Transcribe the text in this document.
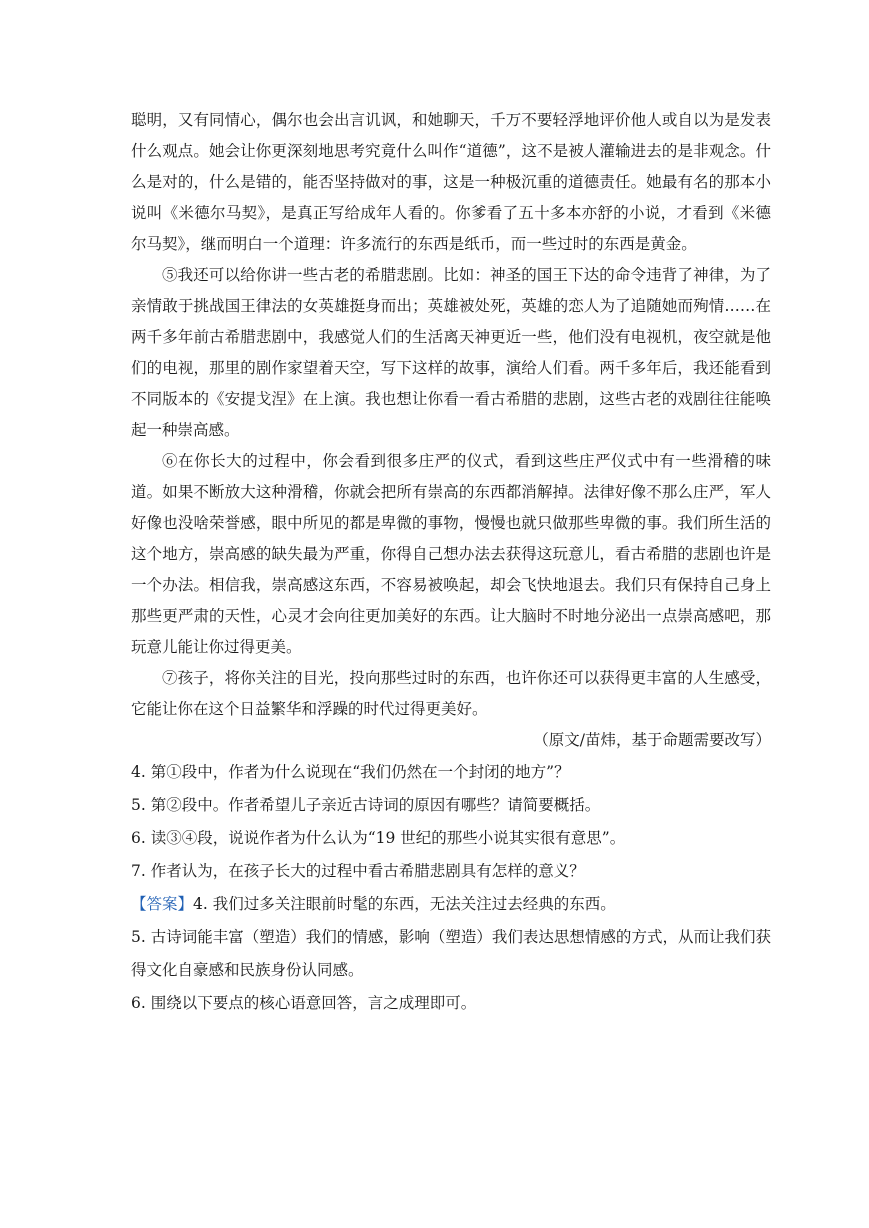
聪明，又有同情心，偶尔也会出言讥讽，和她聊天，千万不要轻浮地评价他人或自以为是发表什么观点。她会让你更深刻地思考究竟什么叫作“道德”，这不是被人灌输进去的是非观念。什么是对的，什么是错的，能否坚持做对的事，这是一种极沉重的道德责任。她最有名的那本小说叫《米德尔马契》，是真正写给成年人看的。你爹看了五十多本亦舒的小说，才看到《米德尔马契》，继而明白一个道理：许多流行的东西是纸币，而一些过时的东西是黄金。

⑤我还可以给你讲一些古老的希腊悲剧。比如：神圣的国王下达的命令违背了神律，为了亲情敢于挑战国王律法的女英雄挺身而出；英雄被处死，英雄的恋人为了追随她而殉情……在两千多年前古希腊悲剧中，我感觉人们的生活离天神更近一些，他们没有电视机，夜空就是他们的电视，那里的剧作家望着天空，写下这样的故事，演给人们看。两千多年后，我还能看到不同版本的《安提戈涅》在上演。我也想让你看一看古希腊的悲剧，这些古老的戏剧往往能唤起一种崇高感。

⑥在你长大的过程中，你会看到很多庄严的仪式，看到这些庄严仪式中有一些滑稽的味道。如果不断放大这种滑稽，你就会把所有崇高的东西都消解掉。法律好像不那么庄严，军人好像也没啥荣誉感，眼中所见的都是卑微的事物，慢慢也就只做那些卑微的事。我们所生活的这个地方，崇高感的缺失最为严重，你得自己想办法去获得这玩意儿，看古希腊的悲剧也许是一个办法。相信我，崇高感这东西，不容易被唤起，却会飞快地退去。我们只有保持自己身上那些更严肃的天性，心灵才会向往更加美好的东西。让大脑时不时地分泌出一点崇高感吧，那玩意儿能让你过得更美。

⑦孩子，将你关注的目光，投向那些过时的东西，也许你还可以获得更丰富的人生感受，它能让你在这个日益繁华和浮躁的时代过得更美好。

（原文/苗炜，基于命题需要改写）

4. 第①段中，作者为什么说现在“我们仍然在一个封闭的地方”？

5. 第②段中。作者希望儿子亲近古诗词的原因有哪些？请简要概括。

6. 读③④段，说说作者为什么认为“19 世纪的那些小说其实很有意思”。

7. 作者认为，在孩子长大的过程中看古希腊悲剧具有怎样的意义？

【答案】4. 我们过多关注眼前时髦的东西，无法关注过去经典的东西。

5. 古诗词能丰富（塑造）我们的情感，影响（塑造）我们表达思想情感的方式，从而让我们获得文化自豪感和民族身份认同感。

6. 围绕以下要点的核心语意回答，言之成理即可。
